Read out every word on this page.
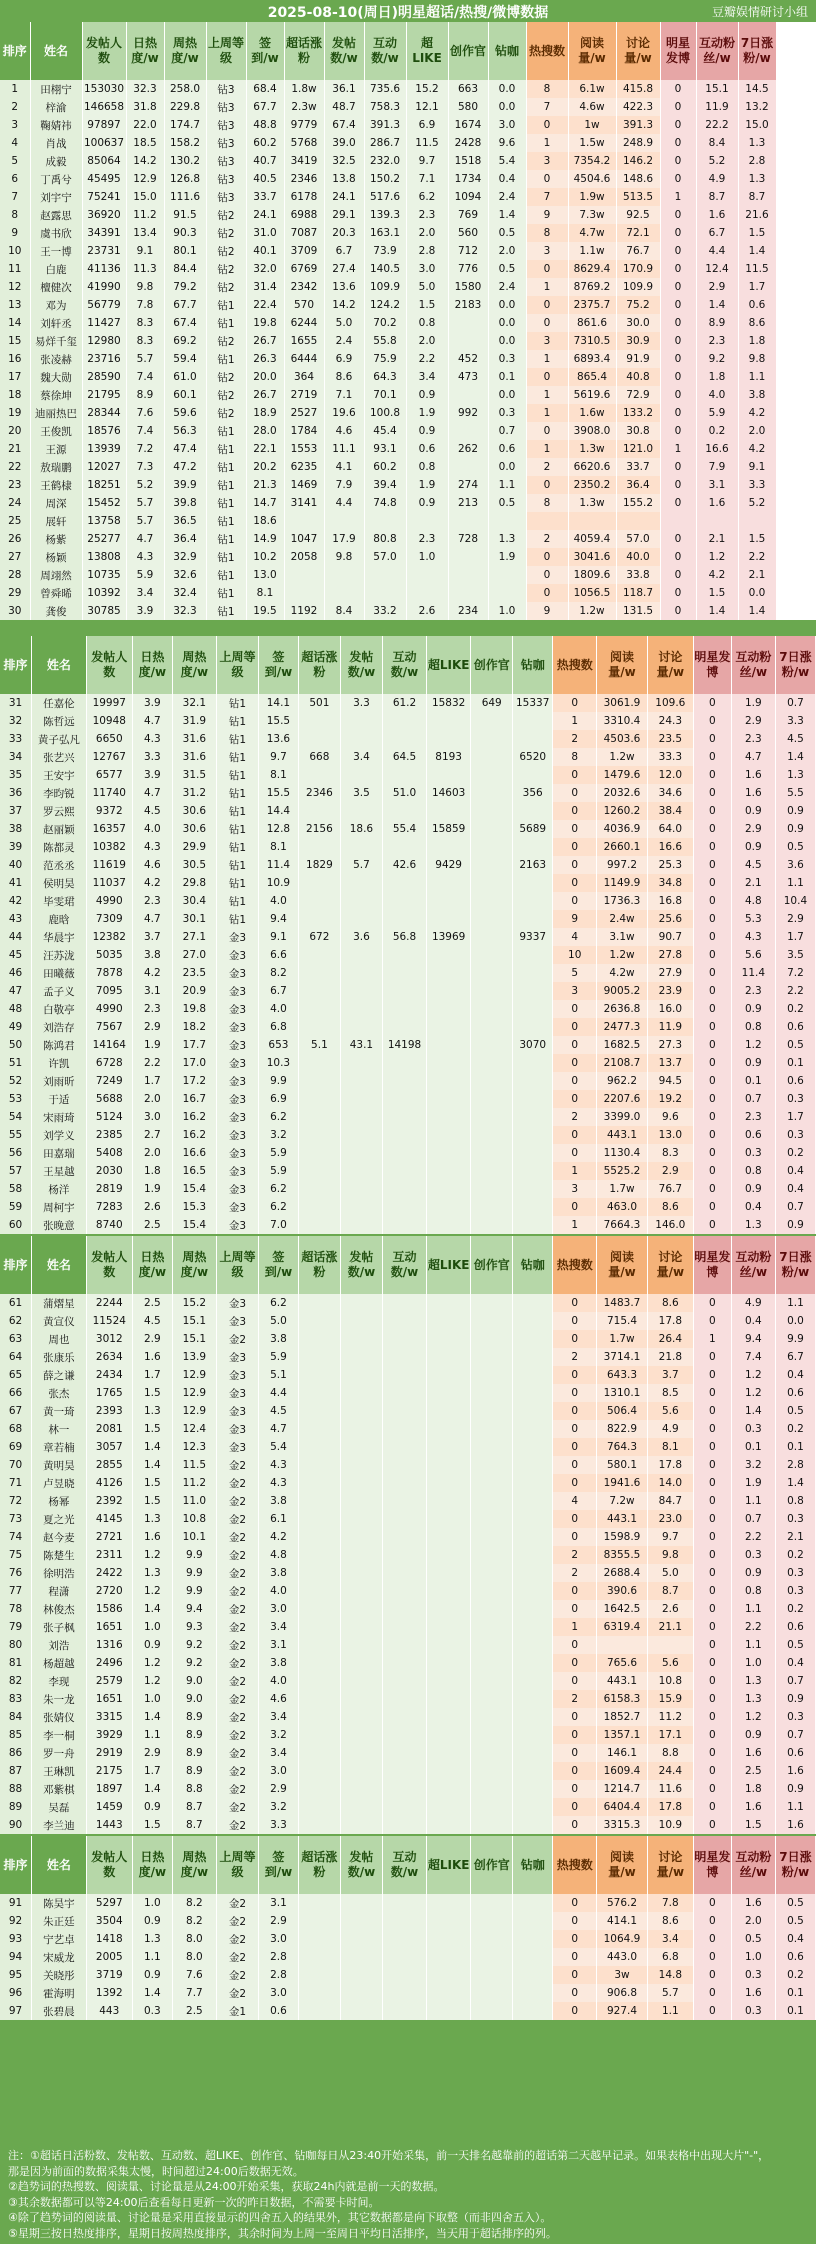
2025-08-10(周日)明星超话/热搜/微博数据	豆瓣娱情研讨小组
排序	姓名	发帖人数	日热度/w	周热度/w	上周等级	签到/w	超话涨粉	发帖数/w	互动数/w	超LIKE	创作官	钻咖	热搜数	阅读量/w	讨论量/w	明星发博	互动粉丝/w	7日涨粉/w	
1	田栩宁	153030	32.3	258.0	钻3	68.4	1.8w	36.1	735.6	15.2	663	0.0	8	6.1w	415.8	0	15.1	14.5	
2	梓渝	146658	31.8	229.8	钻3	67.7	2.3w	48.7	758.3	12.1	580	0.0	7	4.6w	422.3	0	11.9	13.2	
3	鞠婧祎	97897	22.0	174.7	钻3	48.8	9779	67.4	391.3	6.9	1674	3.0	0	1w	391.3	0	22.2	15.0	
4	肖战	100637	18.5	158.2	钻3	60.2	5768	39.0	286.7	11.5	2428	9.6	1	1.5w	248.9	0	8.4	1.3	
5	成毅	85064	14.2	130.2	钻3	40.7	3419	32.5	232.0	9.7	1518	5.4	3	7354.2	146.2	0	5.2	2.8	
6	丁禹兮	45495	12.9	126.8	钻3	40.5	2346	13.8	150.2	7.1	1734	0.4	0	4504.6	148.6	0	4.9	1.3	
7	刘宇宁	75241	15.0	111.6	钻3	33.7	6178	24.1	517.6	6.2	1094	2.4	7	1.9w	513.5	1	8.7	8.7	
8	赵露思	36920	11.2	91.5	钻2	24.1	6988	29.1	139.3	2.3	769	1.4	9	7.3w	92.5	0	1.6	21.6	
9	虞书欣	34391	13.4	90.3	钻2	31.0	7087	20.3	163.1	2.0	560	0.5	8	4.7w	72.1	0	6.7	1.5	
10	王一博	23731	9.1	80.1	钻2	40.1	3709	6.7	73.9	2.8	712	2.0	3	1.1w	76.7	0	4.4	1.4	
11	白鹿	41136	11.3	84.4	钻2	32.0	6769	27.4	140.5	3.0	776	0.5	0	8629.4	170.9	0	12.4	11.5	
12	檀健次	41990	9.8	79.2	钻2	31.4	2342	13.6	109.9	5.0	1580	2.4	1	8769.2	109.9	0	2.9	1.7	
13	邓为	56779	7.8	67.7	钻1	22.4	570	14.2	124.2	1.5	2183	0.0	0	2375.7	75.2	0	1.4	0.6	
14	刘轩丞	11427	8.3	67.4	钻1	19.8	6244	5.0	70.2	0.8		0.0	0	861.6	30.0	0	8.9	8.6	
15	易烊千玺	12980	8.3	69.2	钻2	26.7	1655	2.4	55.8	2.0		0.0	3	7310.5	30.9	0	2.3	1.8	
16	张凌赫	23716	5.7	59.4	钻1	26.3	6444	6.9	75.9	2.2	452	0.3	1	6893.4	91.9	0	9.2	9.8	
17	魏大勋	28590	7.4	61.0	钻2	20.0	364	8.6	64.3	3.4	473	0.1	0	865.4	40.8	0	1.8	1.1	
18	蔡徐坤	21795	8.9	60.1	钻2	26.7	2719	7.1	70.1	0.9		0.0	1	5619.6	72.9	0	4.0	3.8	
19	迪丽热巴	28344	7.6	59.6	钻2	18.9	2527	19.6	100.8	1.9	992	0.3	1	1.6w	133.2	0	5.9	4.2	
20	王俊凯	18576	7.4	56.3	钻1	28.0	1784	4.6	45.4	0.9		0.7	0	3908.0	30.8	0	0.2	2.0	
21	王源	13939	7.2	47.4	钻1	22.1	1553	11.1	93.1	0.6	262	0.6	1	1.3w	121.0	1	16.6	4.2	
22	敖瑞鹏	12027	7.3	47.2	钻1	20.2	6235	4.1	60.2	0.8		0.0	2	6620.6	33.7	0	7.9	9.1	
23	王鹤棣	18251	5.2	39.9	钻1	21.3	1469	7.9	39.4	1.9	274	1.1	0	2350.2	36.4	0	3.1	3.3	
24	周深	15452	5.7	39.8	钻1	14.7	3141	4.4	74.8	0.9	213	0.5	8	1.3w	155.2	0	1.6	5.2	
25	展轩	13758	5.7	36.5	钻1	18.6													
26	杨紫	25277	4.7	36.4	钻1	14.9	1047	17.9	80.8	2.3	728	1.3	2	4059.4	57.0	0	2.1	1.5	
27	杨颖	13808	4.3	32.9	钻1	10.2	2058	9.8	57.0	1.0		1.9	0	3041.6	40.0	0	1.2	2.2	
28	周翊然	10735	5.9	32.6	钻1	13.0							0	1809.6	33.8	0	4.2	2.1	
29	曾舜晞	10392	3.4	32.4	钻1	8.1							0	1056.5	118.7	0	1.5	0.0	
30	龚俊	30785	3.9	32.3	钻1	19.5	1192	8.4	33.2	2.6	234	1.0	9	1.2w	131.5	0	1.4	1.4	
排序	姓名	发帖人数	日热度/w	周热度/w	上周等级	签到/w	超话涨粉	发帖数/w	互动数/w	超LIKE	创作官	钻咖	热搜数	阅读量/w	讨论量/w	明星发博	互动粉丝/w	7日涨粉/w
31	任嘉伦	19997	3.9	32.1	钻1	14.1	501	3.3	61.2	15832	649	15337	0	3061.9	109.6	0	1.9	0.7
32	陈哲远	10948	4.7	31.9	钻1	15.5							1	3310.4	24.3	0	2.9	3.3
33	黄子弘凡	6650	4.3	31.6	钻1	13.6							2	4503.6	23.5	0	2.3	4.5
34	张艺兴	12767	3.3	31.6	钻1	9.7	668	3.4	64.5	8193		6520	8	1.2w	33.3	0	4.7	1.4
35	王安宇	6577	3.9	31.5	钻1	8.1							0	1479.6	12.0	0	1.6	1.3
36	李昀锐	11740	4.7	31.2	钻1	15.5	2346	3.5	51.0	14603		356	0	2032.6	34.6	0	1.6	5.5
37	罗云熙	9372	4.5	30.6	钻1	14.4							0	1260.2	38.4	0	0.9	0.9
38	赵丽颖	16357	4.0	30.6	钻1	12.8	2156	18.6	55.4	15859		5689	0	4036.9	64.0	0	2.9	0.9
39	陈都灵	10382	4.3	29.9	钻1	8.1							0	2660.1	16.6	0	0.9	0.5
40	范丞丞	11619	4.6	30.5	钻1	11.4	1829	5.7	42.6	9429		2163	0	997.2	25.3	0	4.5	3.6
41	侯明昊	11037	4.2	29.8	钻1	10.9							0	1149.9	34.8	0	2.1	1.1
42	毕雯珺	4990	2.3	30.4	钻1	4.0							0	1736.3	16.8	0	4.8	10.4
43	鹿晗	7309	4.7	30.1	钻1	9.4							9	2.4w	25.6	0	5.3	2.9
44	华晨宇	12382	3.7	27.1	金3	9.1	672	3.6	56.8	13969		9337	4	3.1w	90.7	0	4.3	1.7
45	汪苏泷	5035	3.8	27.0	金3	6.6							10	1.2w	27.8	0	5.6	3.5
46	田曦薇	7878	4.2	23.5	金3	8.2							5	4.2w	27.9	0	11.4	7.2
47	孟子义	7095	3.1	20.9	金3	6.7							3	9005.2	23.9	0	2.3	2.2
48	白敬亭	4990	2.3	19.8	金3	4.0							0	2636.8	16.0	0	0.9	0.2
49	刘浩存	7567	2.9	18.2	金3	6.8							0	2477.3	11.9	0	0.8	0.6
50	陈鸿君	14164	1.9	17.7	金3	653	5.1	43.1	14198			3070	0	1682.5	27.3	0	1.2	0.5
51	许凯	6728	2.2	17.0	金3	10.3							0	2108.7	13.7	0	0.9	0.1
52	刘雨昕	7249	1.7	17.2	金3	9.9							0	962.2	94.5	0	0.1	0.6
53	于适	5688	2.0	16.7	金3	6.9							0	2207.6	19.2	0	0.7	0.3
54	宋雨琦	5124	3.0	16.2	金3	6.2							2	3399.0	9.6	0	2.3	1.7
55	刘学义	2385	2.7	16.2	金3	3.2							0	443.1	13.0	0	0.6	0.3
56	田嘉瑞	5408	2.0	16.6	金3	5.9							0	1130.4	8.3	0	0.3	0.2
57	王星越	2030	1.8	16.5	金3	5.9							1	5525.2	2.9	0	0.8	0.4
58	杨洋	2819	1.9	15.4	金3	6.2							3	1.7w	76.7	0	0.9	0.4
59	周柯宇	7283	2.6	15.3	金3	6.2							0	463.0	8.6	0	0.4	0.7
60	张晚意	8740	2.5	15.4	金3	7.0							1	7664.3	146.0	0	1.3	0.9
排序	姓名	发帖人数	日热度/w	周热度/w	上周等级	签到/w	超话涨粉	发帖数/w	互动数/w	超LIKE	创作官	钻咖	热搜数	阅读量/w	讨论量/w	明星发博	互动粉丝/w	7日涨粉/w
61	蒲熠星	2244	2.5	15.2	金3	6.2							0	1483.7	8.6	0	4.9	1.1
62	黄宣仪	11524	4.5	15.1	金3	5.0							0	715.4	17.8	0	0.4	0.0
63	周也	3012	2.9	15.1	金2	3.8							0	1.7w	26.4	1	9.4	9.9
64	张康乐	2634	1.6	13.9	金3	5.9							2	3714.1	21.8	0	7.4	6.7
65	薛之谦	2434	1.7	12.9	金3	5.1							0	643.3	3.7	0	1.2	0.4
66	张杰	1765	1.5	12.9	金3	4.4							0	1310.1	8.5	0	1.2	0.6
67	黄一琦	2393	1.3	12.9	金3	4.5							0	506.4	5.6	0	1.4	0.5
68	林一	2081	1.5	12.4	金3	4.7							0	822.9	4.9	0	0.3	0.2
69	章若楠	3057	1.4	12.3	金3	5.4							0	764.3	8.1	0	0.1	0.1
70	黄明昊	2855	1.4	11.5	金2	4.3							0	580.1	17.8	0	3.2	2.8
71	卢昱晓	4126	1.5	11.2	金2	4.3							0	1941.6	14.0	0	1.9	1.4
72	杨幂	2392	1.5	11.0	金2	3.8							4	7.2w	84.7	0	1.1	0.8
73	夏之光	4145	1.3	10.8	金2	6.1							0	443.1	23.0	0	0.7	0.3
74	赵今麦	2721	1.6	10.1	金2	4.2							0	1598.9	9.7	0	2.2	2.1
75	陈楚生	2311	1.2	9.9	金2	4.8							2	8355.5	9.8	0	0.3	0.2
76	徐明浩	2422	1.3	9.9	金2	3.8							2	2688.4	5.0	0	0.9	0.3
77	程潇	2720	1.2	9.9	金2	4.0							0	390.6	8.7	0	0.8	0.3
78	林俊杰	1586	1.4	9.4	金2	3.0							0	1642.5	2.6	0	1.1	0.2
79	张子枫	1651	1.0	9.3	金2	3.4							1	6319.4	21.1	0	2.2	0.6
80	刘浩	1316	0.9	9.2	金2	3.1							0			0	1.1	0.5
81	杨超越	2496	1.2	9.2	金2	3.8							0	765.6	5.6	0	1.0	0.4
82	李现	2579	1.2	9.0	金2	4.0							0	443.1	10.8	0	1.3	0.7
83	朱一龙	1651	1.0	9.0	金2	4.6							2	6158.3	15.9	0	1.3	0.9
84	张婧仪	3315	1.4	8.9	金2	3.4							0	1852.7	11.2	0	1.2	0.3
85	李一桐	3929	1.1	8.9	金2	3.2							0	1357.1	17.1	0	0.9	0.7
86	罗一舟	2919	2.9	8.9	金2	3.4							0	146.1	8.8	0	1.6	0.6
87	王琳凯	2175	1.7	8.9	金2	3.0							0	1609.4	24.4	0	2.5	1.6
88	邓紫棋	1897	1.4	8.8	金2	2.9							0	1214.7	11.6	0	1.8	0.9
89	吴磊	1459	0.9	8.7	金2	3.2							0	6404.4	17.8	0	1.6	1.1
90	李兰迪	1443	1.5	8.7	金2	3.3							0	3315.3	10.9	0	1.5	1.6
排序	姓名	发帖人数	日热度/w	周热度/w	上周等级	签到/w	超话涨粉	发帖数/w	互动数/w	超LIKE	创作官	钻咖	热搜数	阅读量/w	讨论量/w	明星发博	互动粉丝/w	7日涨粉/w
91	陈昊宇	5297	1.0	8.2	金2	3.1							0	576.2	7.8	0	1.6	0.5
92	朱正廷	3504	0.9	8.2	金2	2.9							0	414.1	8.6	0	2.0	0.5
93	宁艺卓	1418	1.3	8.0	金2	3.0							0	1064.9	3.4	0	0.5	0.4
94	宋威龙	2005	1.1	8.0	金2	2.8							0	443.0	6.8	0	1.0	0.6
95	关晓彤	3719	0.9	7.6	金2	2.8							0	3w	14.8	0	0.3	0.2
96	霍海明	1392	1.4	7.7	金2	3.0							0	906.8	5.7	0	1.6	0.1
97	张碧晨	443	0.3	2.5	金1	0.6							0	927.4	1.1	0	0.3	0.1
注：①超话日活粉数、发帖数、互动数、超LIKE、创作官、钻咖每日从23:40开始采集，前一天排名越靠前的超话第二天越早记录。如果表格中出现大片"-"，
那是因为前面的数据采集太慢，时间超过24:00后数据无效。
②趋势词的热搜数、阅读量、讨论量是从24:00开始采集，获取24h内就是前一天的数据。
③其余数据都可以等24:00后查看每日更新一次的昨日数据，不需要卡时间。
④除了趋势词的阅读量、讨论量是采用直接显示的四舍五入的结果外，其它数据都是向下取整（而非四舍五入）。
⑤星期三按日热度排序，星期日按周热度排序，其余时间为上周一至周日平均日活排序，当天用于超话排序的列。
